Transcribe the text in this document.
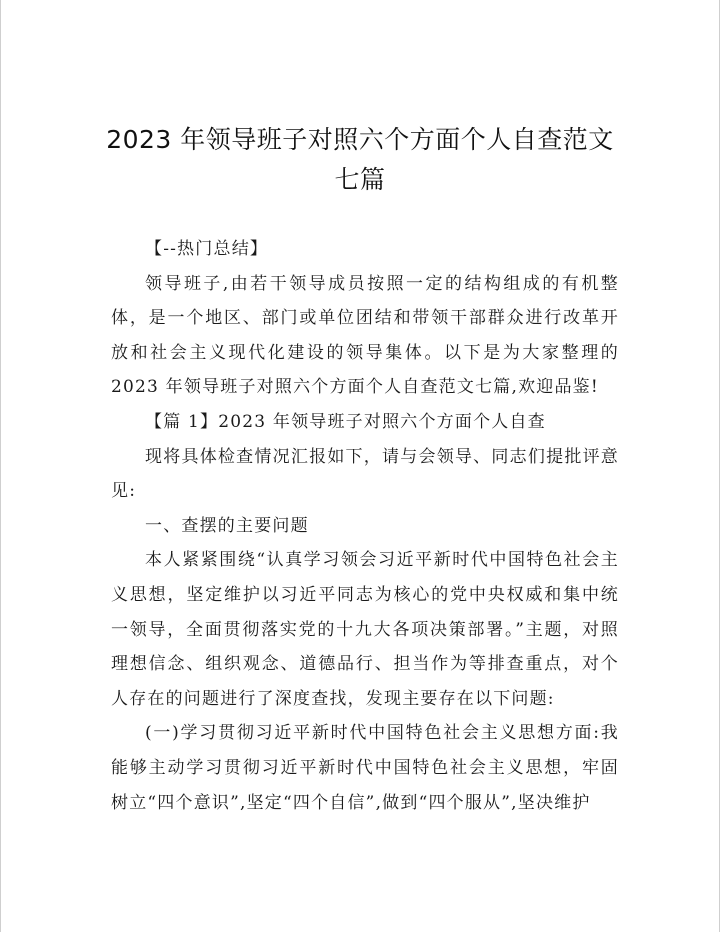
2023 年领导班子对照六个方面个人自查范文
七篇

【--热门总结】

领导班子,由若干领导成员按照一定的结构组成的有机整体，是一个地区、部门或单位团结和带领干部群众进行改革开放和社会主义现代化建设的领导集体。以下是为大家整理的 2023 年领导班子对照六个方面个人自查范文七篇,欢迎品鉴!

【篇 1】2023 年领导班子对照六个方面个人自查

现将具体检查情况汇报如下，请与会领导、同志们提批评意见:

一、查摆的主要问题

本人紧紧围绕“认真学习领会习近平新时代中国特色社会主义思想，坚定维护以习近平同志为核心的党中央权威和集中统一领导，全面贯彻落实党的十九大各项决策部署。”主题，对照理想信念、组织观念、道德品行、担当作为等排查重点，对个人存在的问题进行了深度查找，发现主要存在以下问题:

(一)学习贯彻习近平新时代中国特色社会主义思想方面:我能够主动学习贯彻习近平新时代中国特色社会主义思想，牢固树立“四个意识”,坚定“四个自信”,做到“四个服从”,坚决维护
